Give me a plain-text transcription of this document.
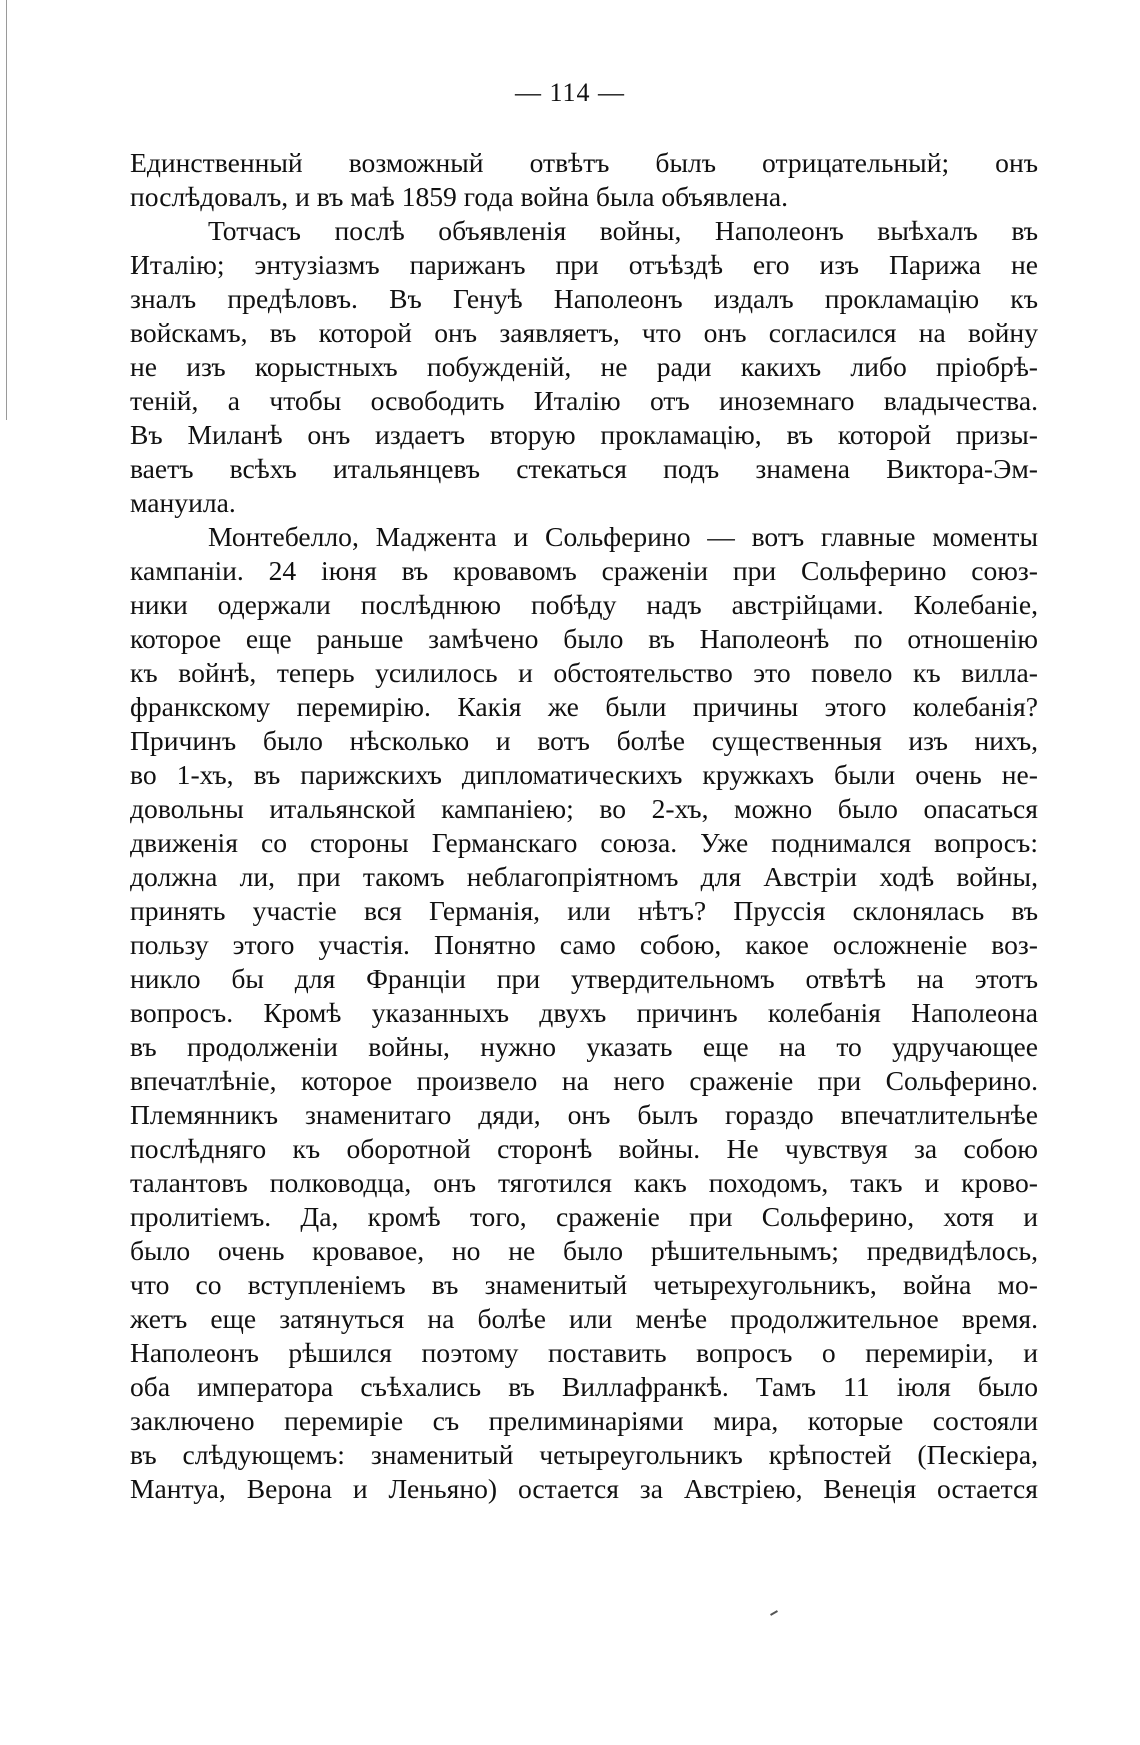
— 114 —
Единственный возможный отвѣтъ былъ отрицательный; онъ
послѣдовалъ, и въ маѣ 1859 года война была объявлена.
Тотчасъ послѣ объявленія войны, Наполеонъ выѣхалъ въ
Италію; энтузіазмъ парижанъ при отъѣздѣ его изъ Парижа не
зналъ предѣловъ. Въ Генуѣ Наполеонъ издалъ прокламацію къ
войскамъ, въ которой онъ заявляетъ, что онъ согласился на войну
не изъ корыстныхъ побужденій, не ради какихъ либо пріобрѣ-
теній, а чтобы освободить Италію отъ иноземнаго владычества.
Въ Миланѣ онъ издаетъ вторую прокламацію, въ которой призы-
ваетъ всѣхъ итальянцевъ стекаться подъ знамена Виктора-Эм-
мануила.
Монтебелло, Маджента и Сольферино — вотъ главные моменты
кампаніи. 24 іюня въ кровавомъ сраженіи при Сольферино союз-
ники одержали послѣднюю побѣду надъ австрійцами. Колебаніе,
которое еще раньше замѣчено было въ Наполеонѣ по отношенію
къ войнѣ, теперь усилилось и обстоятельство это повело къ вилла-
франкскому перемирію. Какія же были причины этого колебанія?
Причинъ было нѣсколько и вотъ болѣе существенныя изъ нихъ,
во 1-хъ, въ парижскихъ дипломатическихъ кружкахъ были очень не-
довольны итальянской кампаніею; во 2-хъ, можно было опасаться
движенія со стороны Германскаго союза. Уже поднимался вопросъ:
должна ли, при такомъ неблагопріятномъ для Австріи ходѣ войны,
принять участіе вся Германія, или нѣтъ? Пруссія склонялась въ
пользу этого участія. Понятно само собою, какое осложненіе воз-
никло бы для Франціи при утвердительномъ отвѣтѣ на этотъ
вопросъ. Кромѣ указанныхъ двухъ причинъ колебанія Наполеона
въ продолженіи войны, нужно указать еще на то удручающее
впечатлѣніе, которое произвело на него сраженіе при Сольферино.
Племянникъ знаменитаго дяди, онъ былъ гораздо впечатлительнѣе
послѣдняго къ оборотной сторонѣ войны. Не чувствуя за собою
талантовъ полководца, онъ тяготился какъ походомъ, такъ и крово-
пролитіемъ. Да, кромѣ того, сраженіе при Сольферино, хотя и
было очень кровавое, но не было рѣшительнымъ; предвидѣлось,
что со вступленіемъ въ знаменитый четырехугольникъ, война мо-
жетъ еще затянуться на болѣе или менѣе продолжительное время.
Наполеонъ рѣшился поэтому поставить вопросъ о перемиріи, и
оба императора съѣхались въ Виллафранкѣ. Тамъ 11 іюля было
заключено перемиріе съ прелиминаріями мира, которые состояли
въ слѣдующемъ: знаменитый четыреугольникъ крѣпостей (Пескіера,
Мантуа, Верона и Леньяно) остается за Австріею, Венеція остается
